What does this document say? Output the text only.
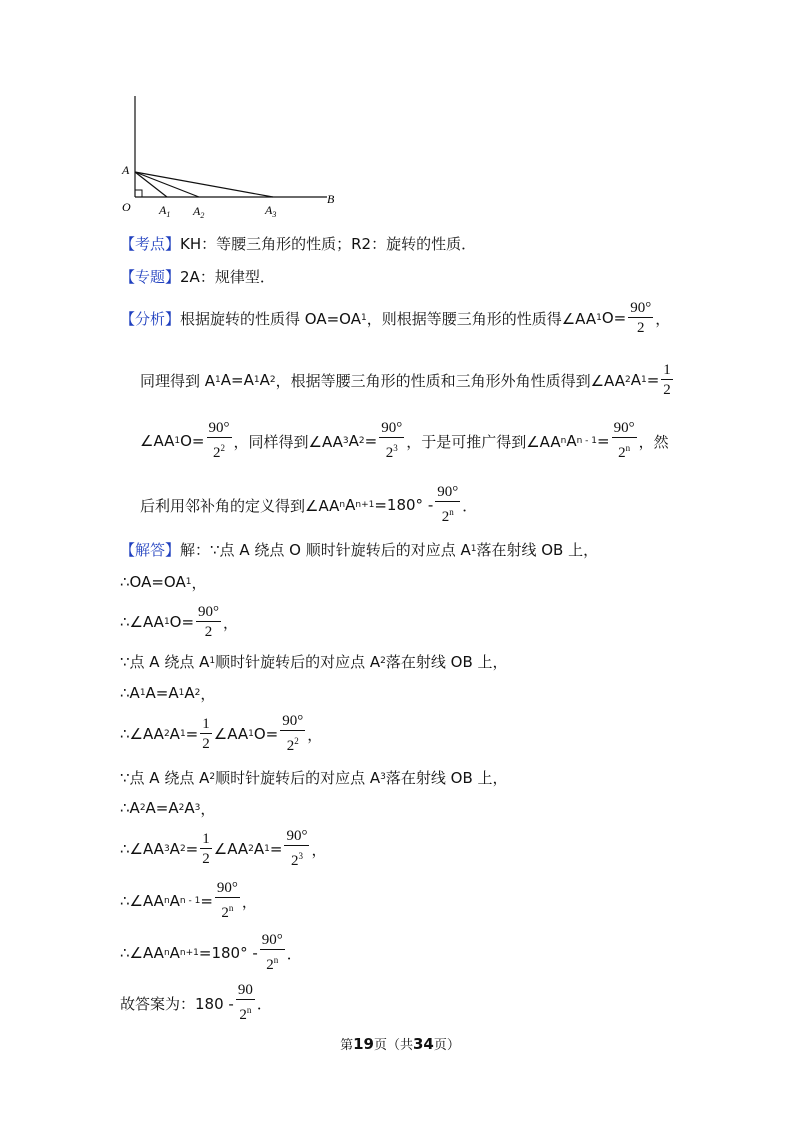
A
O $A_1$ $A_2$	$A_3$
B
【考点】 KH：等腰三角形的性质；R2：旋转的性质．
【专题】 2A：规律型．
【分析】 根据旋转的性质得 OA=OA 1 ，则根据等腰三角形的性质得∠AA 1 $O= \frac{90^\circ}{2}$ ，
同理得到 A 1 A=A 1 A 2 ，根据等腰三角形的性质和三角形外角性质得到∠AA 2 A $1 = \frac{1}{2}$
∠AA 1 $O= \frac{90^\circ}{2^2}$ ，同样得到∠AA 3 A $2 = \frac{90^\circ}{2^3}$ ，于是可推广得到∠AA n A $n - 1 = \frac{90^\circ}{2^n}$ ，然
后利用邻补角的定义得到∠AA n A $n+1 =180^\circ - \frac{90^\circ}{2^n}$ ．
【解答】 解：∵点 A 绕点 O 顺时针旋转后的对应点 A 1 落在射线 OB 上，
∴OA=OA 1 ，
∴∠AA 1 $O= \frac{90^\circ}{2}$ ，
∵点 A 绕点 A 1 顺时针旋转后的对应点 A 2 落在射线 OB 上，
∴A 1 A=A 1 A 2 ，
∴∠AA 2 A $1 = \frac{1}{2}$ ∠AA 1 $O= \frac{90^\circ}{2^2}$ ，
∵点 A 绕点 A 2 顺时针旋转后的对应点 A 3 落在射线 OB 上，
∴A 2 A=A 2 A 3 ，
∴∠AA 3 A $2 = \frac{1}{2}$ ∠AA 2 A $1 = \frac{90^\circ}{2^3}$ ，
∴∠AA n A $n - 1 = \frac{90^\circ}{2^n}$ ，
∴∠AA n A $n+1 =180^\circ - \frac{90^\circ}{2^n}$ ．
故答案为：$180 - \frac{90}{2^n}$ ．
第19页（共34页）
